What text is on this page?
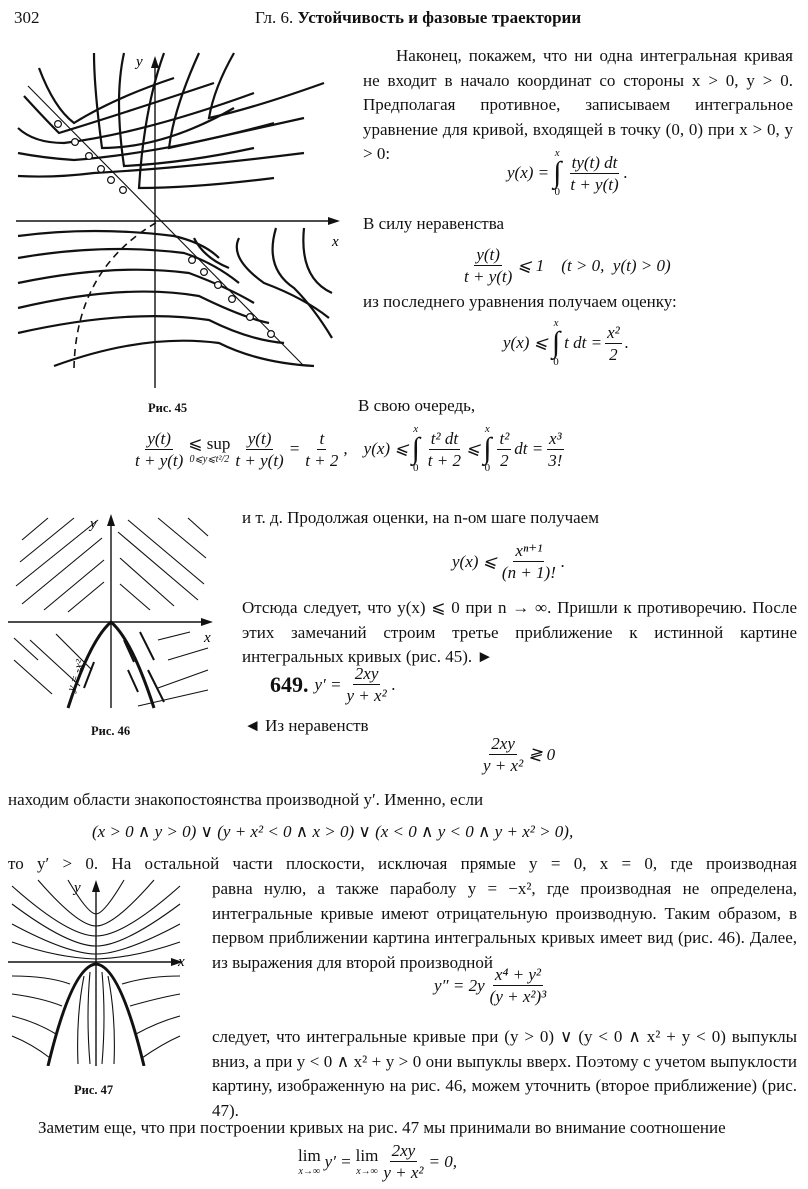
302	Гл. 6. Устойчивость и фазовые траектории
y
x
Рис. 45
Наконец, покажем, что ни одна интегральная кривая не входит в начало координат со стороны x > 0, y > 0. Предполагая противное, записываем интегральное уравнение для кривой, входящей в точку (0, 0) при x > 0, y > 0:
y(x) =
x
∫
$0 \frac{ty(t) dt}{t + y(t)}$ .
В силу неравенства
$\frac{y(t)}{t + y(t)}$ ⩽ 1    (t > 0,  y(t) > 0)
из последнего уравнения получаем оценку:
y(x) ⩽
x
∫
0
t dt = $\frac{\text{x²}}{2}$ .
В свою очередь,
$\frac{y(t)}{t + y(t)}$ ⩽ sup
0⩽y⩽t²/2 $\frac{y(t)}{t + y(t)} = \frac{t}{t + 2}$ , y(x) ⩽
x
∫
$0 \frac{\text{t² dt}}{t + 2}$ ⩽
x
∫
$0 \frac{\text{t²}}{2}$ dt = $\frac{\text{x³}}{3!}$
y
x
y = -x²
Рис. 46
и т. д. Продолжая оценки, на n-ом шаге получаем
y(x) ⩽ $\frac{\text{xⁿ⁺¹}}{(n + 1)!}$ .
Отсюда следует, что y(x) ⩽ 0 при n → ∞. Пришли к противоречию. После этих замечаний строим третье приближение к истинной картине интегральных кривых (рис. 45). ►
649. $y' = \frac{2xy}{\text{y + x²}}$ .
◄ Из неравенств
$\frac{2xy}{\text{y + x²}}$ ≷ 0
находим области знакопостоянства производной y′. Именно, если
(x > 0 ∧ y > 0) ∨ (y + x² < 0 ∧ x > 0) ∨ (x < 0 ∧ y < 0 ∧ y + x² > 0),
то y′ > 0. На остальной части плоскости, исключая прямые y = 0, x = 0, где производная
равна нулю, а также параболу y = −x², где производная не определена, интегральные кривые имеют отрицательную производную. Таким образом, в первом приближении картина интегральных кривых имеет вид (рис. 46). Далее, из выражения для второй производной
y
x
Рис. 47
$y'' = 2y \frac{\text{x⁴ + y²}}{\text{(y + x²)³}}$
следует, что интегральные кривые при (y > 0) ∨ (y < 0 ∧ x² + y < 0) выпуклы вниз, а при y < 0 ∧ x² + y > 0 они выпуклы вверх. Поэтому с учетом выпуклости картину, изображенную на рис. 46, можем уточнить (второе приближение) (рис. 47).
Заметим еще, что при построении кривых на рис. 47 мы принимали во внимание соотношение
lim
x→∞
y′ = lim
$x\to\infty \frac{2xy}{\text{y + x²}} = 0$,
